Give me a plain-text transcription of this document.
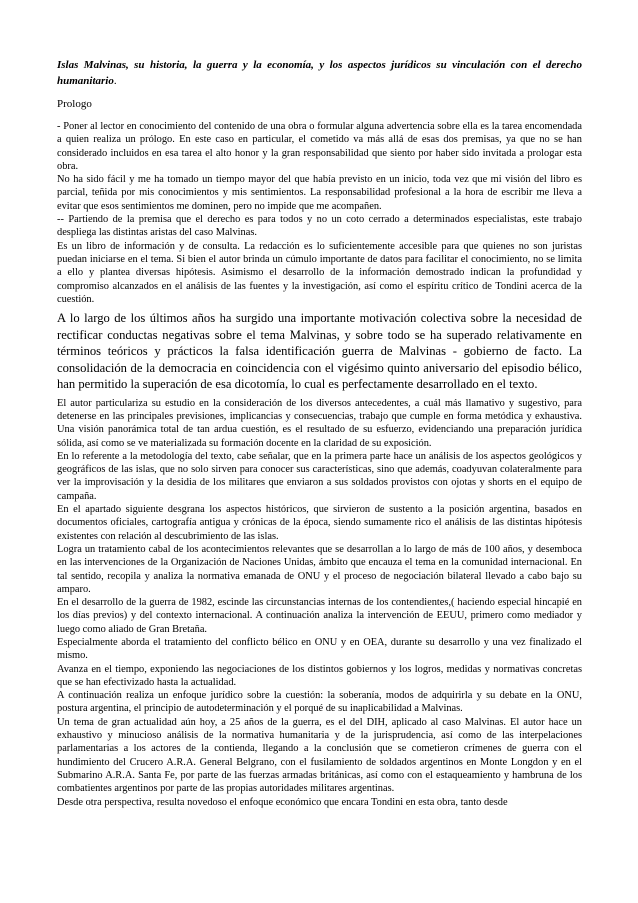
Islas Malvinas, su historia, la guerra y la economía, y los aspectos jurídicos su vinculación con el derecho humanitario.

Prologo

- Poner al lector en conocimiento del contenido de una obra o formular alguna advertencia sobre ella es la tarea encomendada a quien realiza un prólogo. En este caso en particular, el cometido va más allá de esas dos premisas, ya que no se han considerado incluidos en esa tarea el alto honor y la gran responsabilidad que siento por haber sido invitada a prologar esta obra.

No ha sido fácil y me ha tomado un tiempo mayor del que había previsto en un inicio, toda vez que mi visión del libro es parcial, teñida por mis conocimientos y mis sentimientos. La responsabilidad profesional a la hora de escribir me lleva a evitar que esos sentimientos me dominen, pero no impide que me acompañen.

-- Partiendo de la premisa que el derecho es para todos y no un coto cerrado a determinados especialistas, este trabajo despliega las distintas aristas del caso Malvinas.

Es un libro de información y de consulta. La redacción es lo suficientemente accesible para que quienes no son juristas puedan iniciarse en el tema. Si bien el autor brinda un cúmulo importante de datos para facilitar el conocimiento, no se limita a ello y plantea diversas hipótesis. Asimismo el desarrollo de la información demostrado indican la profundidad y compromiso alcanzados en el análisis de las fuentes y la investigación, así como el espíritu crítico de Tondini acerca de la cuestión.

A lo largo de los últimos años ha surgido una importante motivación colectiva sobre la necesidad de rectificar conductas negativas sobre el tema Malvinas, y sobre todo se ha superado relativamente en términos teóricos y prácticos la falsa identificación guerra de Malvinas - gobierno de facto. La consolidación de la democracia en coincidencia con el vigésimo quinto aniversario del episodio bélico, han permitido la superación de esa dicotomía, lo cual es perfectamente desarrollado en el texto.

El autor particulariza su estudio en la consideración de los diversos antecedentes, a cuál más llamativo y sugestivo, para detenerse en las principales previsiones, implicancias y consecuencias, trabajo que cumple en forma metódica y exhaustiva. Una visión panorámica total de tan ardua cuestión, es el resultado de su esfuerzo, evidenciando una preparación jurídica sólida, así como se ve materializada su formación docente en la claridad de su exposición.

En lo referente a la metodología del texto, cabe señalar, que en la primera parte hace un análisis de los aspectos geológicos y geográficos de las islas, que no solo sirven para conocer sus características, sino que además, coadyuvan colateralmente para ver la improvisación y la desidia de los militares que enviaron a sus soldados provistos con ojotas y shorts en el equipo de campaña.

En el apartado siguiente desgrana los aspectos históricos, que sirvieron de sustento a la posición argentina, basados en documentos oficiales, cartografía antigua y crónicas de la época, siendo sumamente rico el análisis de las distintas hipótesis existentes con relación al descubrimiento de las islas.

Logra un tratamiento cabal de los acontecimientos relevantes que se desarrollan a lo largo de más de 100 años, y desemboca en las intervenciones de la Organización de Naciones Unidas, ámbito que encauza el tema en la comunidad internacional. En tal sentido, recopila y analiza la normativa emanada de ONU y el proceso de negociación bilateral llevado a cabo bajo su amparo.

En el desarrollo de la guerra de 1982, escinde las circunstancias internas de los contendientes,( haciendo especial hincapié en los días previos) y del contexto internacional. A continuación analiza la intervención de EEUU, primero como mediador y luego como aliado de Gran Bretaña.

Especialmente aborda el tratamiento del conflicto bélico en ONU y en OEA, durante su desarrollo y una vez finalizado el mismo.

Avanza en el tiempo, exponiendo las negociaciones de los distintos gobiernos y los logros, medidas y normativas concretas que se han efectivizado hasta la actualidad.

A continuación realiza un enfoque jurídico sobre la cuestión: la soberanía, modos de adquirirla y su debate en la ONU, postura argentina, el principio de autodeterminación y el porqué de su inaplicabilidad a Malvinas.

Un tema de gran actualidad aún hoy, a 25 años de la guerra, es el del DIH, aplicado al caso Malvinas. El autor hace un exhaustivo y minucioso análisis de la normativa humanitaria y de la jurisprudencia, así como de las interpelaciones parlamentarias a los actores de la contienda, llegando a la conclusión que se cometieron crímenes de guerra con el hundimiento del Crucero A.R.A. General Belgrano, con el fusilamiento de soldados argentinos en Monte Longdon y en el Submarino A.R.A. Santa Fe, por parte de las fuerzas armadas británicas, así como con el estaqueamiento y hambruna de los combatientes argentinos por parte de las propias autoridades militares argentinas.

Desde otra perspectiva, resulta novedoso el enfoque económico que encara Tondini en esta obra, tanto desde
